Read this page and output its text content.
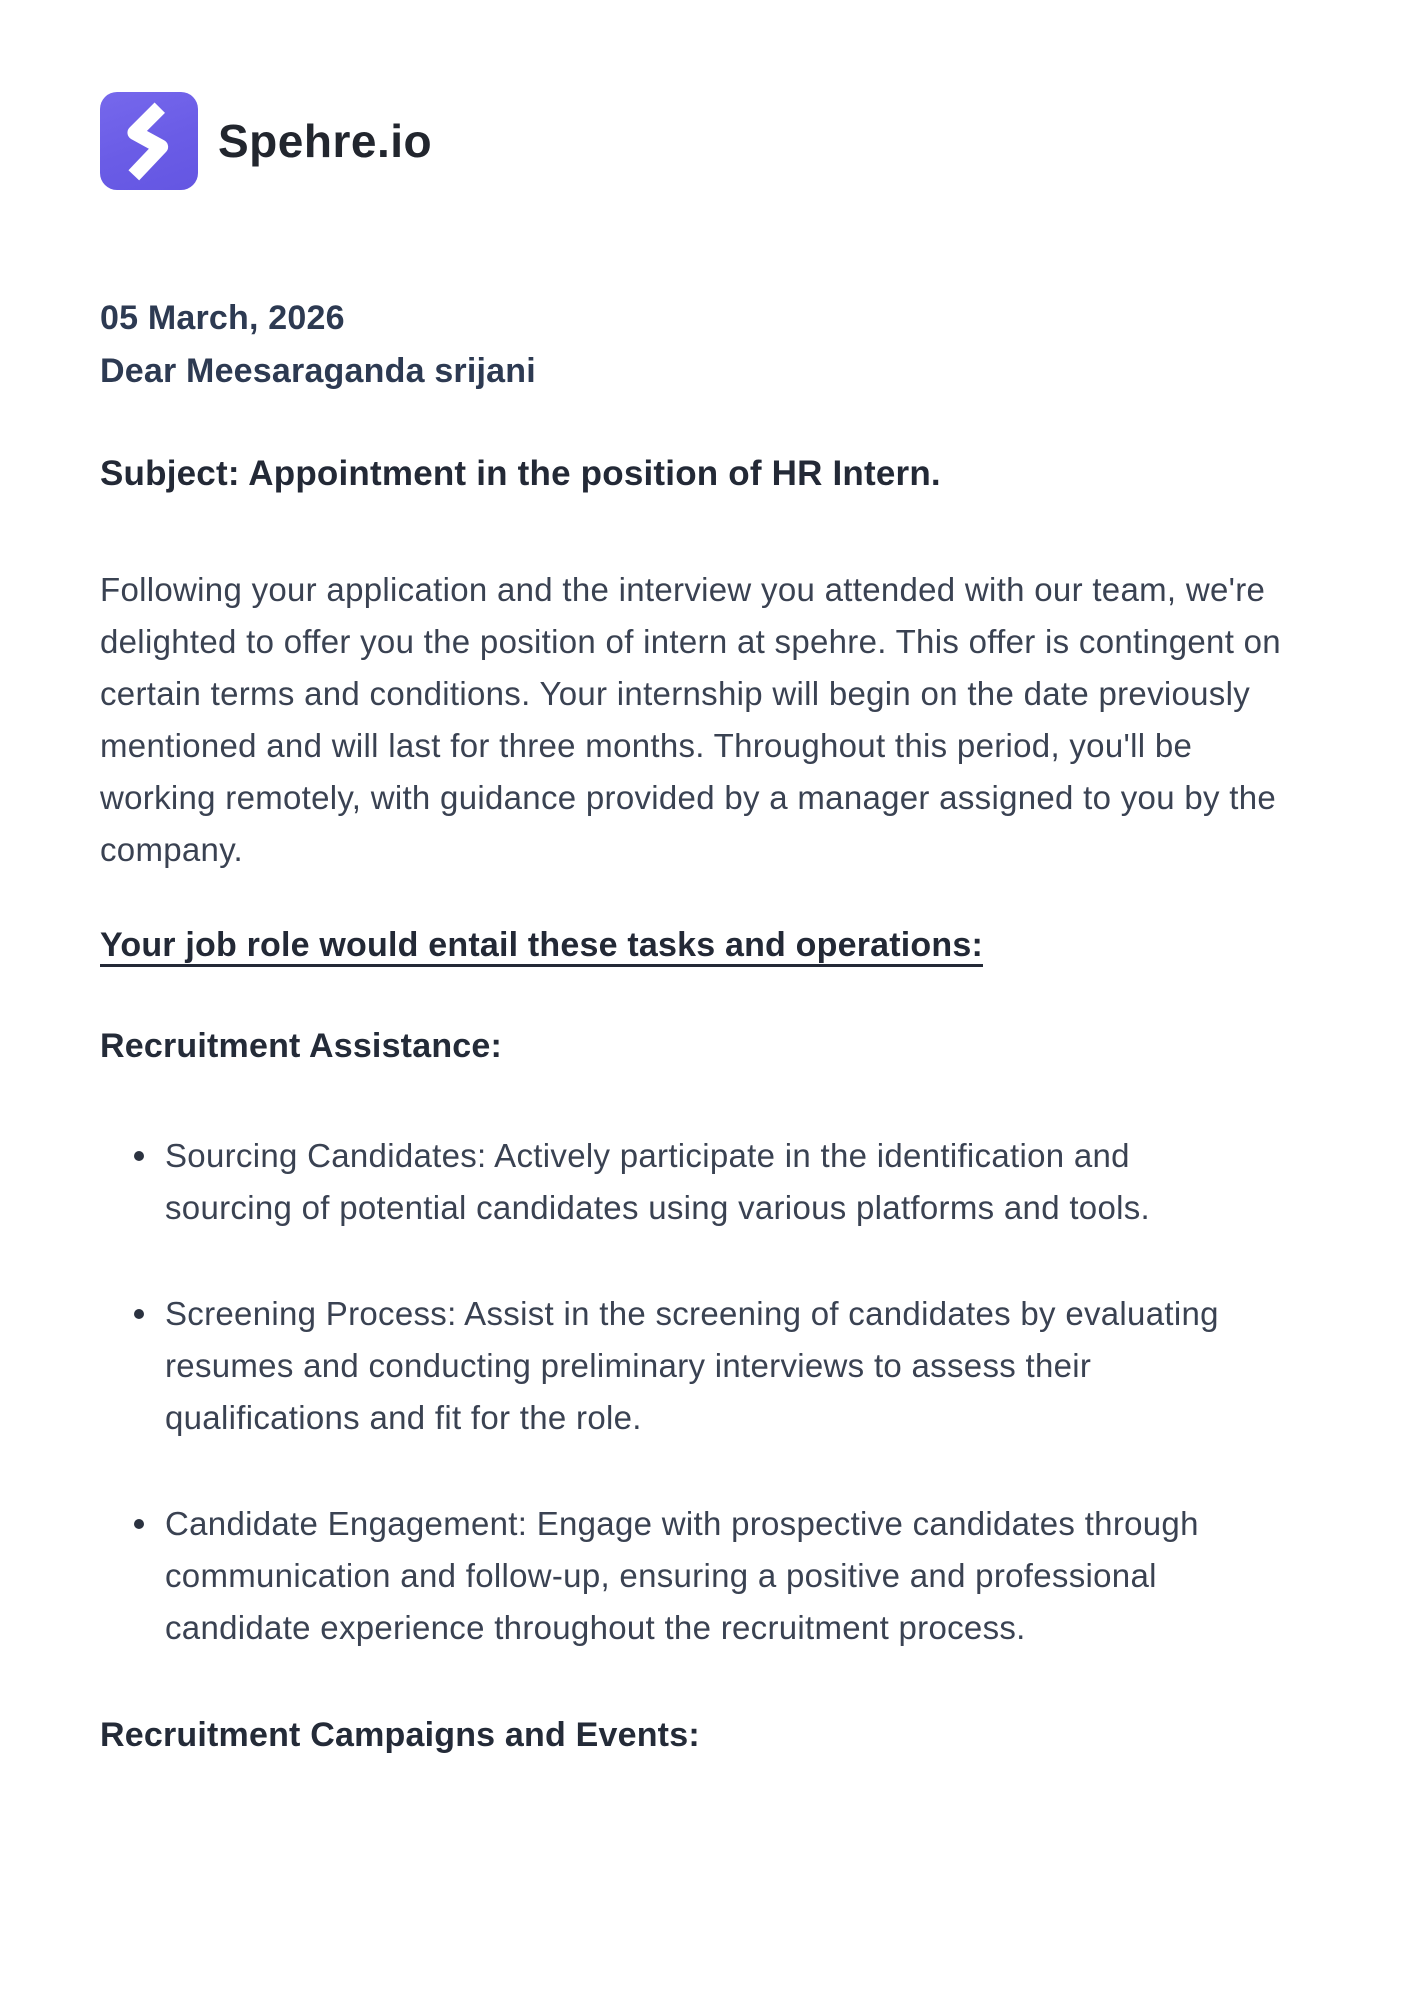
Spehre.io
05 March, 2026
Dear Meesaraganda srijani
Subject: Appointment in the position of HR Intern.
Following your application and the interview you attended with our team, we're delighted to offer you the position of intern at spehre. This offer is contingent on certain terms and conditions. Your internship will begin on the date previously mentioned and will last for three months. Throughout this period, you'll be working remotely, with guidance provided by a manager assigned to you by the company.
Your job role would entail these tasks and operations:
Recruitment Assistance:
Sourcing Candidates: Actively participate in the identification and sourcing of potential candidates using various platforms and tools.
Screening Process: Assist in the screening of candidates by evaluating resumes and conducting preliminary interviews to assess their qualifications and fit for the role.
Candidate Engagement: Engage with prospective candidates through communication and follow-up, ensuring a positive and professional candidate experience throughout the recruitment process.
Recruitment Campaigns and Events:
